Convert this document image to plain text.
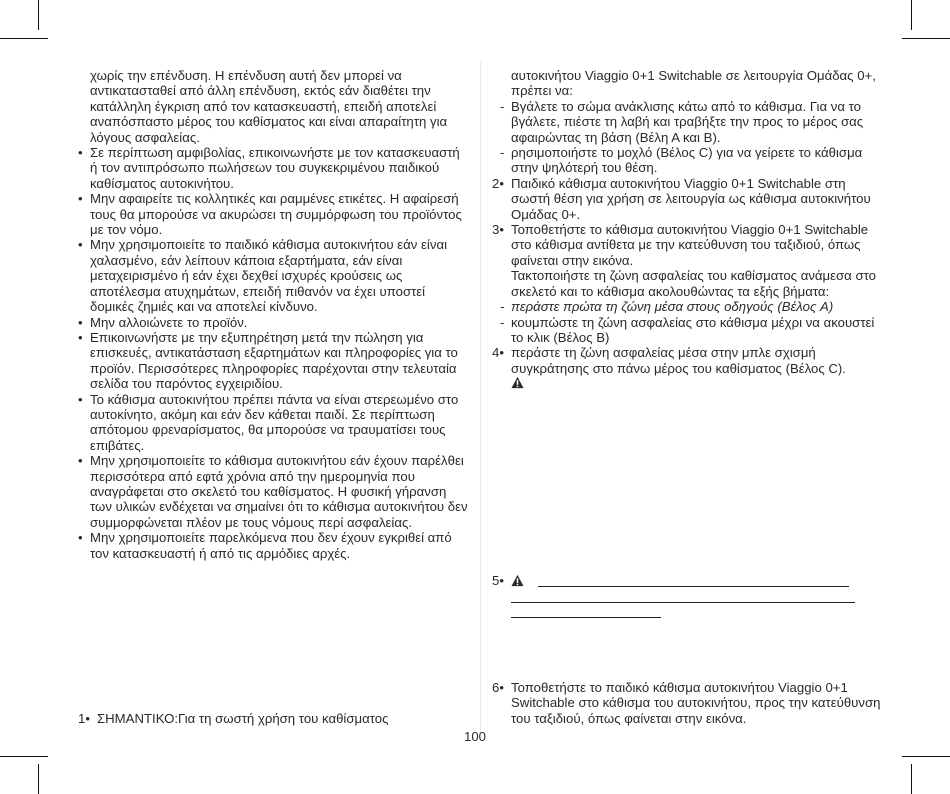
χωρίς την επένδυση. Η επένδυση αυτή δεν μπορεί να αντικατασταθεί από άλλη επένδυση, εκτός εάν διαθέτει την κατάλληλη έγκριση από τον κατασκευαστή, επειδή αποτελεί αναπόσπαστο μέρος του καθίσματος και είναι απαραίτητη για λόγους ασφαλείας.

• Σε περίπτωση αμφιβολίας, επικοινωνήστε με τον κατασκευαστή ή τον αντιπρόσωπο πωλήσεων του συγκεκριμένου παιδικού καθίσματος αυτοκινήτου.

• Μην αφαιρείτε τις κολλητικές και ραμμένες ετικέτες. Η αφαίρεσή τους θα μπορούσε να ακυρώσει τη συμμόρφωση του προϊόντος με τον νόμο.

• Μην χρησιμοποιείτε το παιδικό κάθισμα αυτοκινήτου εάν είναι χαλασμένο, εάν λείπουν κάποια εξαρτήματα, εάν είναι μεταχειρισμένο ή εάν έχει δεχθεί ισχυρές κρούσεις ως αποτέλεσμα ατυχημάτων, επειδή πιθανόν να έχει υποστεί δομικές ζημιές και να αποτελεί κίνδυνο.

• Μην αλλοιώνετε το προϊόν.

• Επικοινωνήστε με την εξυπηρέτηση μετά την πώληση για επισκευές, αντικατάσταση εξαρτημάτων και πληροφορίες για το προϊόν. Περισσότερες πληροφορίες παρέχονται στην τελευταία σελίδα του παρόντος εγχειριδίου.

• Το κάθισμα αυτοκινήτου πρέπει πάντα να είναι στερεωμένο στο αυτοκίνητο, ακόμη και εάν δεν κάθεται παιδί. Σε περίπτωση απότομου φρεναρίσματος, θα μπορούσε να τραυματίσει τους επιβάτες.

• Μην χρησιμοποιείτε το κάθισμα αυτοκινήτου εάν έχουν παρέλθει περισσότερα από εφτά χρόνια από την ημερομηνία που αναγράφεται στο σκελετό του καθίσματος. Η φυσική γήρανση των υλικών ενδέχεται να σημαίνει ότι το κάθισμα αυτοκινήτου δεν συμμορφώνεται πλέον με τους νόμους περί ασφαλείας.

• Μην χρησιμοποιείτε παρελκόμενα που δεν έχουν εγκριθεί από τον κατασκευαστή ή από τις αρμόδιες αρχές.

1• ΣΗΜΑΝΤΙΚΟ:Για τη σωστή χρήση του καθίσματος

αυτοκινήτου Viaggio 0+1 Switchable σε λειτουργία Ομάδας 0+, πρέπει να:

- Βγάλετε το σώμα ανάκλισης κάτω από το κάθισμα. Για να το βγάλετε, πιέστε τη λαβή και τραβήξτε την προς το μέρος σας αφαιρώντας τη βάση (Βέλη Α και Β).

- ρησιμοποιήστε το μοχλό (Βέλος C) για να γείρετε το κάθισμα στην ψηλότερή του θέση.

2• Παιδικό κάθισμα αυτοκινήτου Viaggio 0+1 Switchable στη σωστή θέση για χρήση σε λειτουργία ως κάθισμα αυτοκινήτου Ομάδας 0+.

3• Τοποθετήστε το κάθισμα αυτοκινήτου Viaggio 0+1 Switchable στο κάθισμα αντίθετα με την κατεύθυνση του ταξιδιού, όπως φαίνεται στην εικόνα.

Τακτοποιήστε τη ζώνη ασφαλείας του καθίσματος ανάμεσα στο σκελετό και το κάθισμα ακολουθώντας τα εξής βήματα:

- περάστε πρώτα τη ζώνη μέσα στους οδηγούς (Βέλος A)

- κουμπώστε τη ζώνη ασφαλείας στο κάθισμα μέχρι να ακουστεί το κλικ (Βέλος B)

4• περάστε τη ζώνη ασφαλείας μέσα στην μπλε σχισμή συγκράτησης στο πάνω μέρος του καθίσματος (Βέλος C).

5•

6• Τοποθετήστε το παιδικό κάθισμα αυτοκινήτου Viaggio 0+1 Switchable στο κάθισμα του αυτοκινήτου, προς την κατεύθυνση του ταξιδιού, όπως φαίνεται στην εικόνα.

100
